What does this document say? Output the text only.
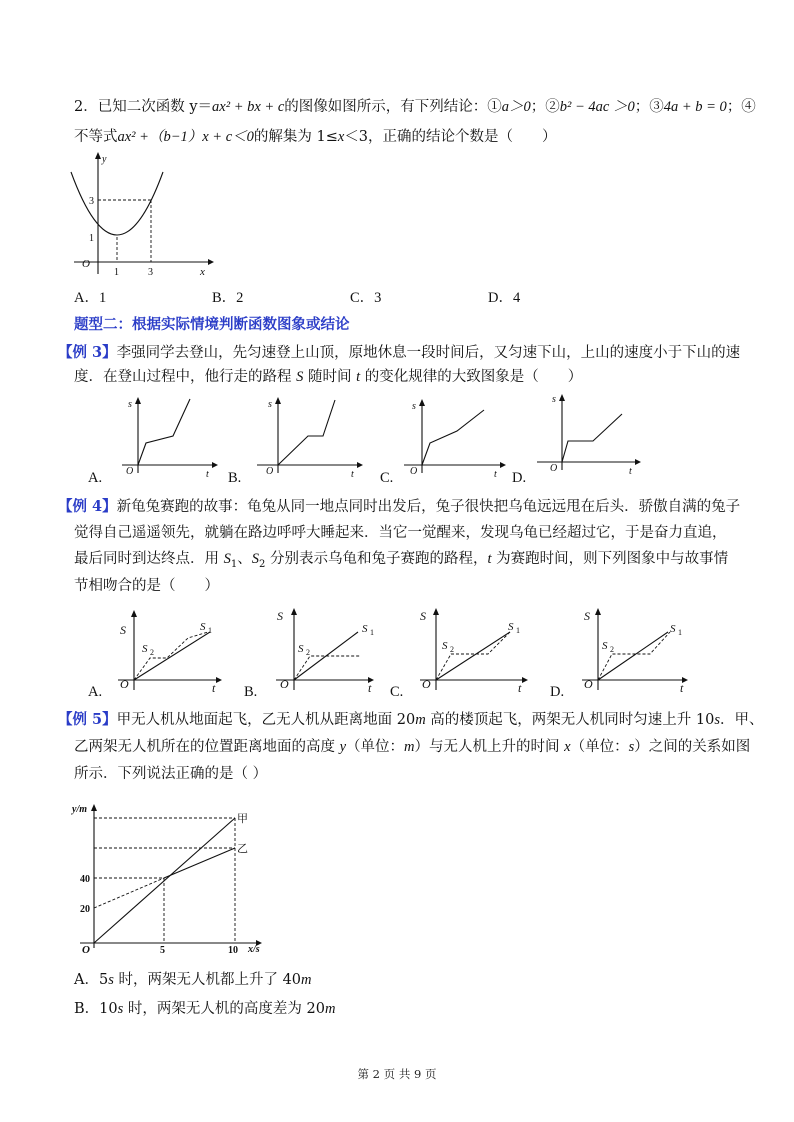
2．已知二次函数 y＝ax² + bx + c的图像如图所示，有下列结论：①a＞0；②b² − 4ac ＞0；③4a + b = 0；④
不等式ax² +（b−1）x + c＜0的解集为 1≤x＜3，正确的结论个数是（　　）
y
x
O
1	3
1
3
A．1	B．2	C．3	D．4
题型二：根据实际情境判断函数图象或结论
【例 3】李强同学去登山，先匀速登上山顶，原地休息一段时间后，又匀速下山，上山的速度小于下山的速
度．在登山过程中，他行走的路程 S 随时间 t 的变化规律的大致图象是（　　）
s
t
O
s
t
O
s
t
O
s
t
O
A.	B.	C.	D.
【例 4】新龟兔赛跑的故事：龟兔从同一地点同时出发后，兔子很快把乌龟远远甩在后头．骄傲自满的兔子
觉得自己遥遥领先，就躺在路边呼呼大睡起来．当它一觉醒来，发现乌龟已经超过它，于是奋力直追，
最后同时到达终点．用 $S_1$、$S_2$ 分别表示乌龟和兔子赛跑的路程，t 为赛跑时间，则下列图象中与故事情
节相吻合的是（　　）
S
t
O
S 1
S 2
S
t
O
S 1
S 2
S
t
O
S 1
S 2
S
t
O
S 1
S 2
A.	B.	C.	D.
【例 5】甲无人机从地面起飞，乙无人机从距离地面 20m 高的楼顶起飞，两架无人机同时匀速上升 10s．甲、
乙两架无人机所在的位置距离地面的高度 y（单位：m）与无人机上升的时间 x（单位：s）之间的关系如图
所示．下列说法正确的是（ ）
y/m
x/s
O	5	10
40
20
甲
乙
A．5s 时，两架无人机都上升了 40m
B．10s 时，两架无人机的高度差为 20m
第 2 页 共 9 页
